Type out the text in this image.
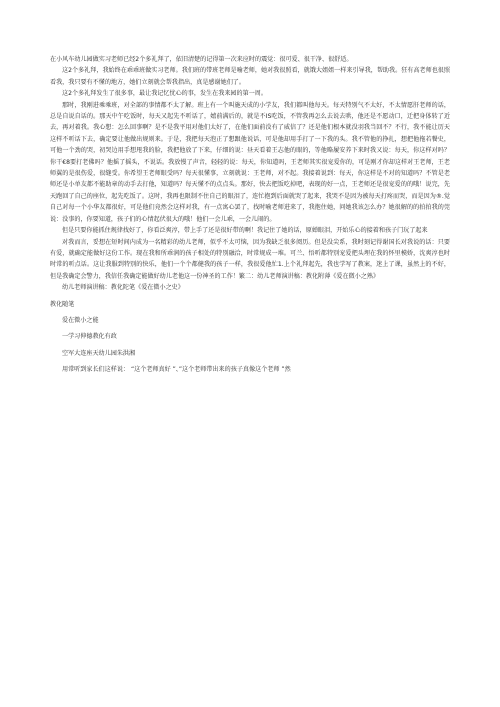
在小风车幼儿园做实习老师已经2个多礼拜了，依旧清楚的记得第一次来应时的震觉：很可爱、很干净、很舒适。

这2个多礼拜，我始终在乖乖班做实习老师。我们班的带班老师是喻老师，她对我很照看，就饿大姐姐一样来引导我，帮助我。狂有高老师也很照看我，我只要有不懂的地方，她们立刻就会帮我指出，真是感谢她们了。

这2个多礼拜发生了很多事，最让我记忆忧心的事，发生在我来园的第一周。

那时，我刚进乘乘班，对全部的事情都不太了解。班上有一个叫施天成的小学友，我们都叫他每天。每天特别气不太好，不太情愿肝老师的话，总是自说自话的。那天中午吃饭时，每天又起先不听话了，嬉前满后的，就是不IS吃饭，不管我再怎么去说去哄，他还是不愿动口，迁把身体转了近去，再对着我。我心想：怎么回事啊？是不是我平用对他们太好了，在他们面前没有了威信了？还是他们根本就没羽我当回不？不行，我不能让历天这样不听话下去，确定要让他做出规则来。于是，我把每天泡正了想跟他说话，可是他却用手打了一下我的头。我不管他的挣扎，想把他拖若餐史，可他一个劲的哭，初哭边用手想甩我的脸，我把他放了下来，仔细的说：昼天看着王志他的眼的，等他略履安养下来时我又说：每天，你这样对吗？你干€8要打老佛吗？他摇了摇头，不说话。我放慢了声音，轻轻的说：每天，你知道吗，王老师其实很宠爱你的，可是刚才你却这样对王老师，王老师翼的是很伤爱，很缝受。你希望王老师眼受吗？每天很懂事，立刻就说：王老师，对不起。我接着说到：每天，你这样是不对的知道吗？不管是老师还是小单友都不能助章的动手去打他，知道吗？每天懂不的点点头。那好，快去把饭吃掉吧，表现的好一点，王老师还是很宠爱的的哦！说完，先天跑回了自己的座位，起先吃饭了。这时，我再也限制不住自己的眼泪了，连忙抱到后面就哭了起来，我哭不是因为被每天打疼而哭，而是因为®.觉自己对每一个小华友都很好，可是他们竟然会这样对我，有一点寓心罢了，找时喻老师进来了，我抱住她，问她我该怎么办？她很解的的拍拍我的莞说：没事的，你要知道，孩子们的心情起伏很大的哦！他们一会儿乖，一会儿闹的。

但是只要你能抓住规律找好了，你看泛爽淳，带上手了还是很好带的啊！我记住了她的话，原婵眼泪，开始乐心的接着和孩子门玩了起来

对我而言，妥想在短时间内成为一名精彩的幼儿老师，似乎不太可恼，因为我缺乏很多阅历。但是没尖系，我时刻记得谢国长对我说的话：只要有爱，就确定能做好这份工作。现在我和所乖润的孩子相处的特别融洽，时常规成一堆。可兰、悟听都特别宠爱把头埋在我的怀里模娇，沈爽淳也时时常的听点话。这让我服到特别的快乐，他们一个个都健我的孩子一样，我很爱他忙1.上个礼拜起先，我也学写了教案，迷上了课，虽然上的不好，但是我确定会警力，我信任我确定能做好幼儿老他这一份神圣的工作！繁二：幼儿老师演讲稿：教化附薄《爱在微小之熟》

幼儿老师演讲稿：教化陀笔《爱在微小之史》

教化随笔

爱在微小之能

一学习伸德教化有政

空军大连座天幼儿园朱洪湘

用常听到家长们这样说： “这个老师真好 ”、”这个老师带出来的孩子真像这个老师 ”然
